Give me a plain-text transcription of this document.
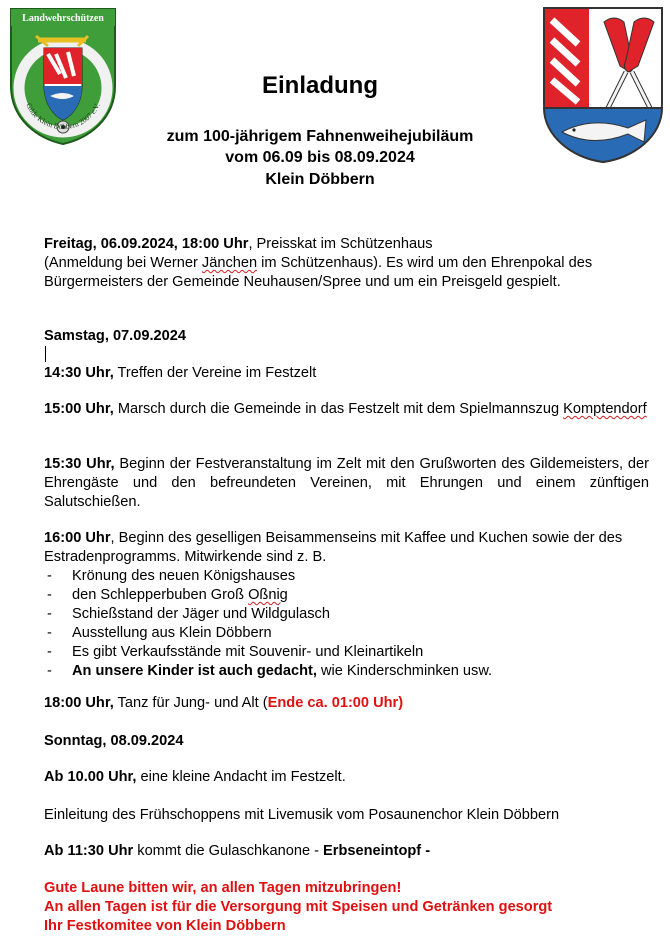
Landwehrschützen
Gilde Klein Döbbern 2007 e.V.
Einladung
zum 100-jährigem Fahnenweihejubiläum
vom 06.09 bis 08.09.2024
Klein Döbbern
Freitag, 06.09.2024, 18:00 Uhr, Preisskat im Schützenhaus
(Anmeldung bei Werner Jänchen im Schützenhaus). Es wird um den Ehrenpokal des Bürgermeisters der Gemeinde Neuhausen/Spree und um ein Preisgeld gespielt.
Samstag, 07.09.2024
14:30 Uhr, Treffen der Vereine im Festzelt
15:00 Uhr, Marsch durch die Gemeinde in das Festzelt mit dem Spielmannszug Komptendorf
15:30 Uhr, Beginn der Festveranstaltung im Zelt mit den Grußworten des Gildemeisters, der Ehrengäste und den befreundeten Vereinen, mit Ehrungen und einem zünftigen Salutschießen.
16:00 Uhr, Beginn des geselligen Beisammenseins mit Kaffee und Kuchen sowie der des Estradenprogramms. Mitwirkende sind z. B.
- Krönung des neuen Königshauses
- den Schlepperbuben Groß Oßnig
- Schießstand der Jäger und Wildgulasch
- Ausstellung aus Klein Döbbern
- Es gibt Verkaufsstände mit Souvenir- und Kleinartikeln
- An unsere Kinder ist auch gedacht, wie Kinderschminken usw.
18:00 Uhr, Tanz für Jung- und Alt (Ende ca. 01:00 Uhr)
Sonntag, 08.09.2024
Ab 10.00 Uhr, eine kleine Andacht im Festzelt.
Einleitung des Frühschoppens mit Livemusik vom Posaunenchor Klein Döbbern
Ab 11:30 Uhr kommt die Gulaschkanone - Erbseneintopf -
Gute Laune bitten wir, an allen Tagen mitzubringen!
An allen Tagen ist für die Versorgung mit Speisen und Getränken gesorgt
Ihr Festkomitee von Klein Döbbern
